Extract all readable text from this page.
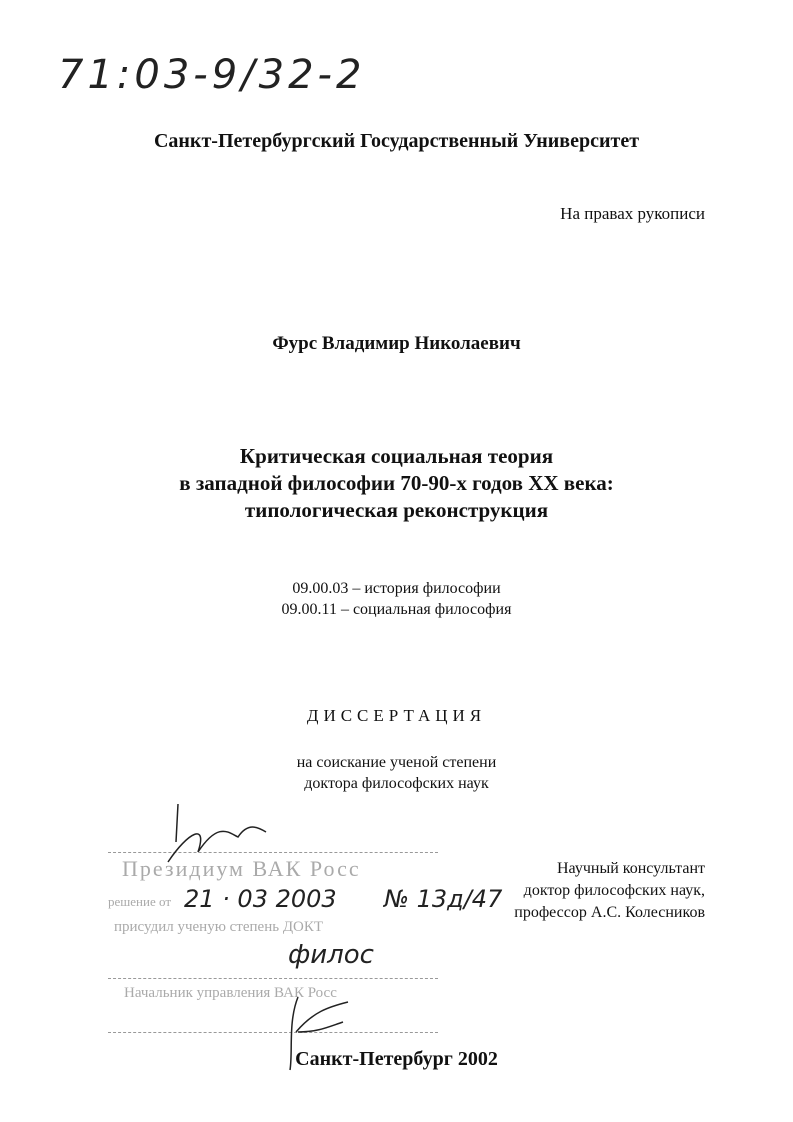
71:03-9/32-2
Санкт-Петербургский Государственный Университет
На правах рукописи
Фурс Владимир Николаевич
Критическая социальная теория
в западной философии 70-90-х годов XX века:
типологическая реконструкция
09.00.03 – история философии
09.00.11 – социальная философия
ДИССЕРТАЦИЯ
на соискание ученой степени
доктора философских наук
Научный консультант
доктор философских наук,
профессор А.С. Колесников
Президиум ВАК Росс
решение от 21 · 03 2003 № 13д/47
присудил ученую степень ДОКТ
филос
Начальник управления ВАК Росс
Санкт-Петербург 2002
